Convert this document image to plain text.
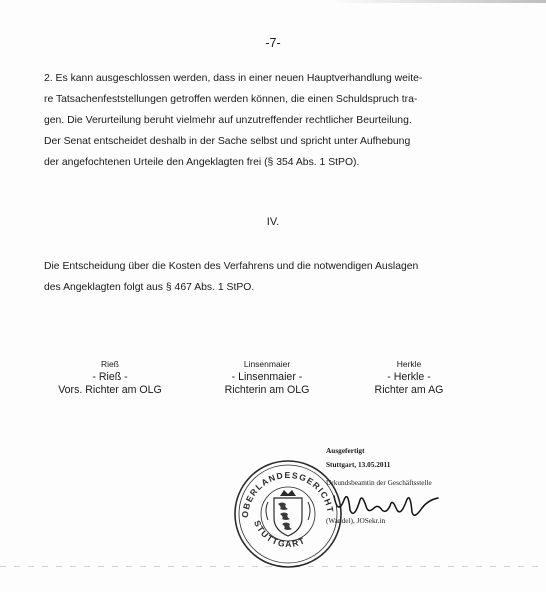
-7-

2. Es kann ausgeschlossen werden, dass in einer neuen Hauptverhandlung weite-
re Tatsachenfeststellungen getroffen werden können, die einen Schuldspruch tra-
gen. Die Verurteilung beruht vielmehr auf unzutreffender rechtlicher Beurteilung.
Der Senat entscheidet deshalb in der Sache selbst und spricht unter Aufhebung
der angefochtenen Urteile den Angeklagten frei (§ 354 Abs. 1 StPO).

IV.

Die Entscheidung über die Kosten des Verfahrens und die notwendigen Auslagen
des Angeklagten folgt aus § 467 Abs. 1 StPO.

Rieß
- Rieß -
Vors. Richter am OLG
Linsenmaier
- Linsenmaier -
Richterin am OLG
Herkle
- Herkle -
Richter am AG
OBERLANDESGERICHT
STUTTGART
Ausgefertigt
Stuttgart, 13.05.2011
Urkundsbeamtin der Geschäftsstelle
(Wandel), JOSekr.in
